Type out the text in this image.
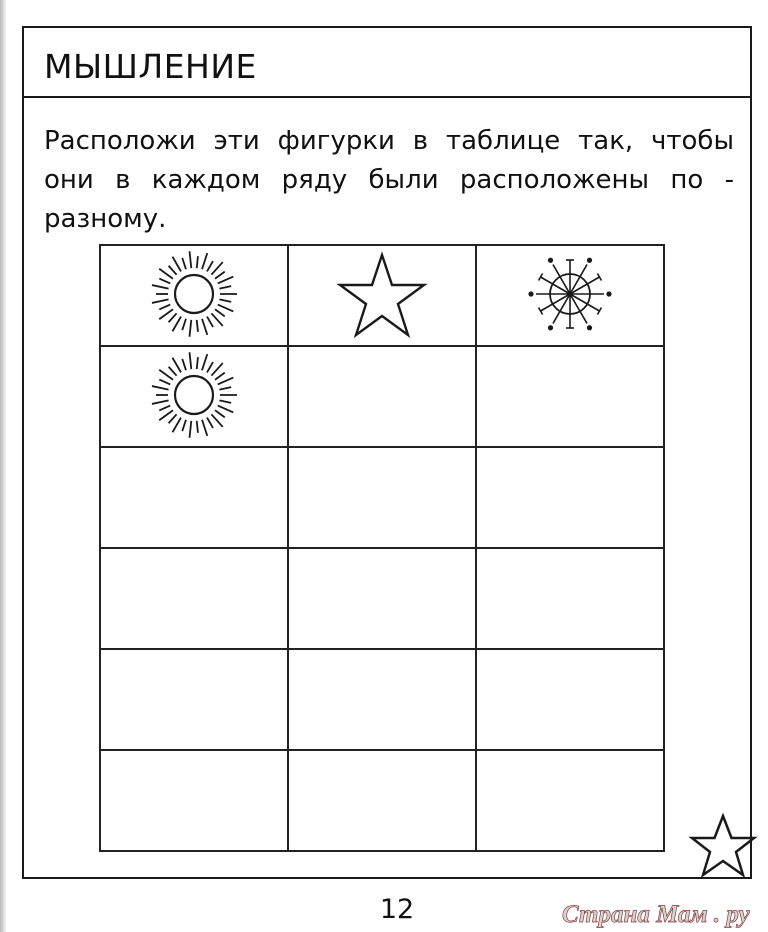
МЫШЛЕНИЕ
Расположи эти фигурки в таблице так, чтобы они в каждом ряду были расположены по - разному.

12	Страна Мам . ру
